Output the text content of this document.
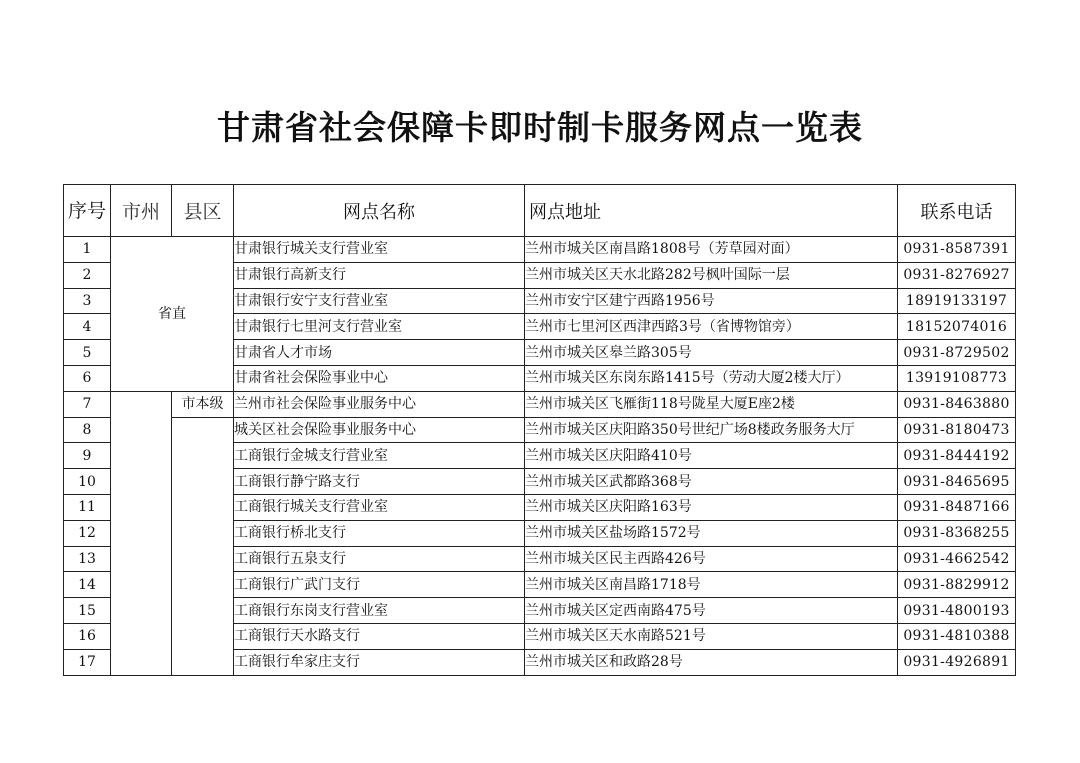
甘肃省社会保障卡即时制卡服务网点一览表
序号	市州	县区	网点名称	网点地址	联系电话
1	省直		甘肃银行城关支行营业室	兰州市城关区南昌路1808号（芳草园对面）	0931-8587391
2			甘肃银行高新支行	兰州市城关区天水北路282号枫叶国际一层	0931-8276927
3			甘肃银行安宁支行营业室	兰州市安宁区建宁西路1956号	18919133197
4			甘肃银行七里河支行营业室	兰州市七里河区西津西路3号（省博物馆旁）	18152074016
5			甘肃省人才市场	兰州市城关区皋兰路305号	0931-8729502
6			甘肃省社会保险事业中心	兰州市城关区东岗东路1415号（劳动大厦2楼大厅）	13919108773
7		市本级	兰州市社会保险事业服务中心	兰州市城关区飞雁街118号陇星大厦E座2楼	0931-8463880
8			城关区社会保险事业服务中心	兰州市城关区庆阳路350号世纪广场8楼政务服务大厅	0931-8180473
9			工商银行金城支行营业室	兰州市城关区庆阳路410号	0931-8444192
10			工商银行静宁路支行	兰州市城关区武都路368号	0931-8465695
11			工商银行城关支行营业室	兰州市城关区庆阳路163号	0931-8487166
12			工商银行桥北支行	兰州市城关区盐场路1572号	0931-8368255
13			工商银行五泉支行	兰州市城关区民主西路426号	0931-4662542
14			工商银行广武门支行	兰州市城关区南昌路1718号	0931-8829912
15			工商银行东岗支行营业室	兰州市城关区定西南路475号	0931-4800193
16			工商银行天水路支行	兰州市城关区天水南路521号	0931-4810388
17			工商银行牟家庄支行	兰州市城关区和政路28号	0931-4926891
